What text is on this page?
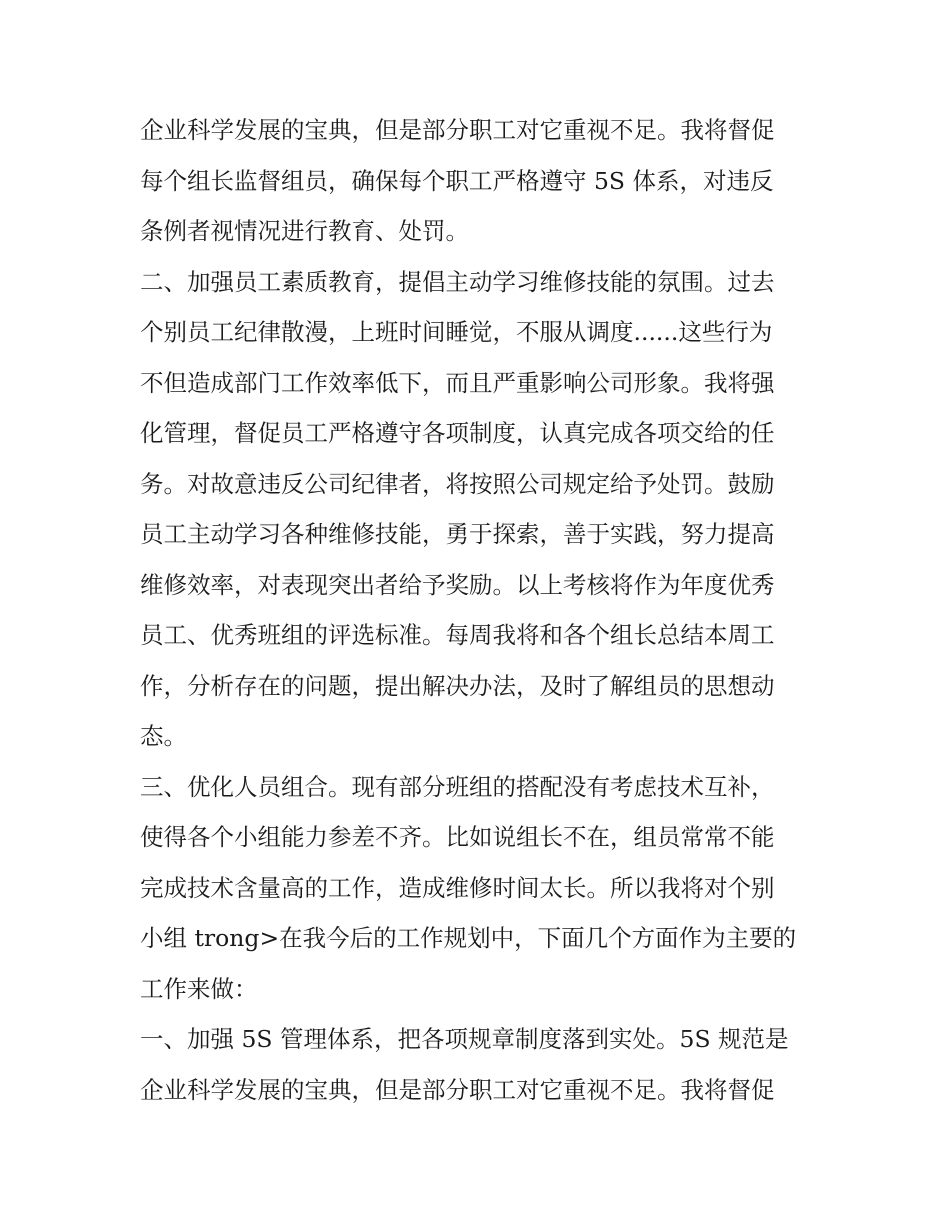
企业科学发展的宝典，但是部分职工对它重视不足。我将督促
每个组长监督组员，确保每个职工严格遵守 5S 体系，对违反
条例者视情况进行教育、处罚。
二、加强员工素质教育，提倡主动学习维修技能的氛围。过去
个别员工纪律散漫，上班时间睡觉，不服从调度......这些行为
不但造成部门工作效率低下，而且严重影响公司形象。我将强
化管理，督促员工严格遵守各项制度，认真完成各项交给的任
务。对故意违反公司纪律者，将按照公司规定给予处罚。鼓励
员工主动学习各种维修技能，勇于探索，善于实践，努力提高
维修效率，对表现突出者给予奖励。以上考核将作为年度优秀
员工、优秀班组的评选标准。每周我将和各个组长总结本周工
作，分析存在的问题，提出解决办法，及时了解组员的思想动
态。
三、优化人员组合。现有部分班组的搭配没有考虑技术互补，
使得各个小组能力参差不齐。比如说组长不在，组员常常不能
完成技术含量高的工作，造成维修时间太长。所以我将对个别
小组 trong>在我今后的工作规划中，下面几个方面作为主要的
工作来做：
一、加强 5S 管理体系，把各项规章制度落到实处。5S 规范是
企业科学发展的宝典，但是部分职工对它重视不足。我将督促
